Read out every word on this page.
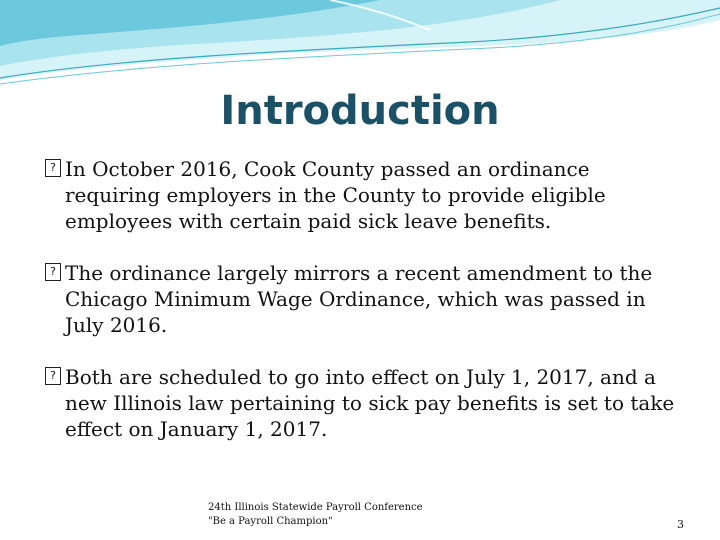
Introduction
? In October 2016, Cook County passed an ordinance requiring employers in the County to provide eligible employees with certain paid sick leave benefits.
? The ordinance largely mirrors a recent amendment to the Chicago Minimum Wage Ordinance, which was passed in July 2016.
? Both are scheduled to go into effect on July 1, 2017, and a new Illinois law pertaining to sick pay benefits is set to take effect on January 1, 2017.
24th Illinois Statewide Payroll Conference
"Be a Payroll Champion"	3
